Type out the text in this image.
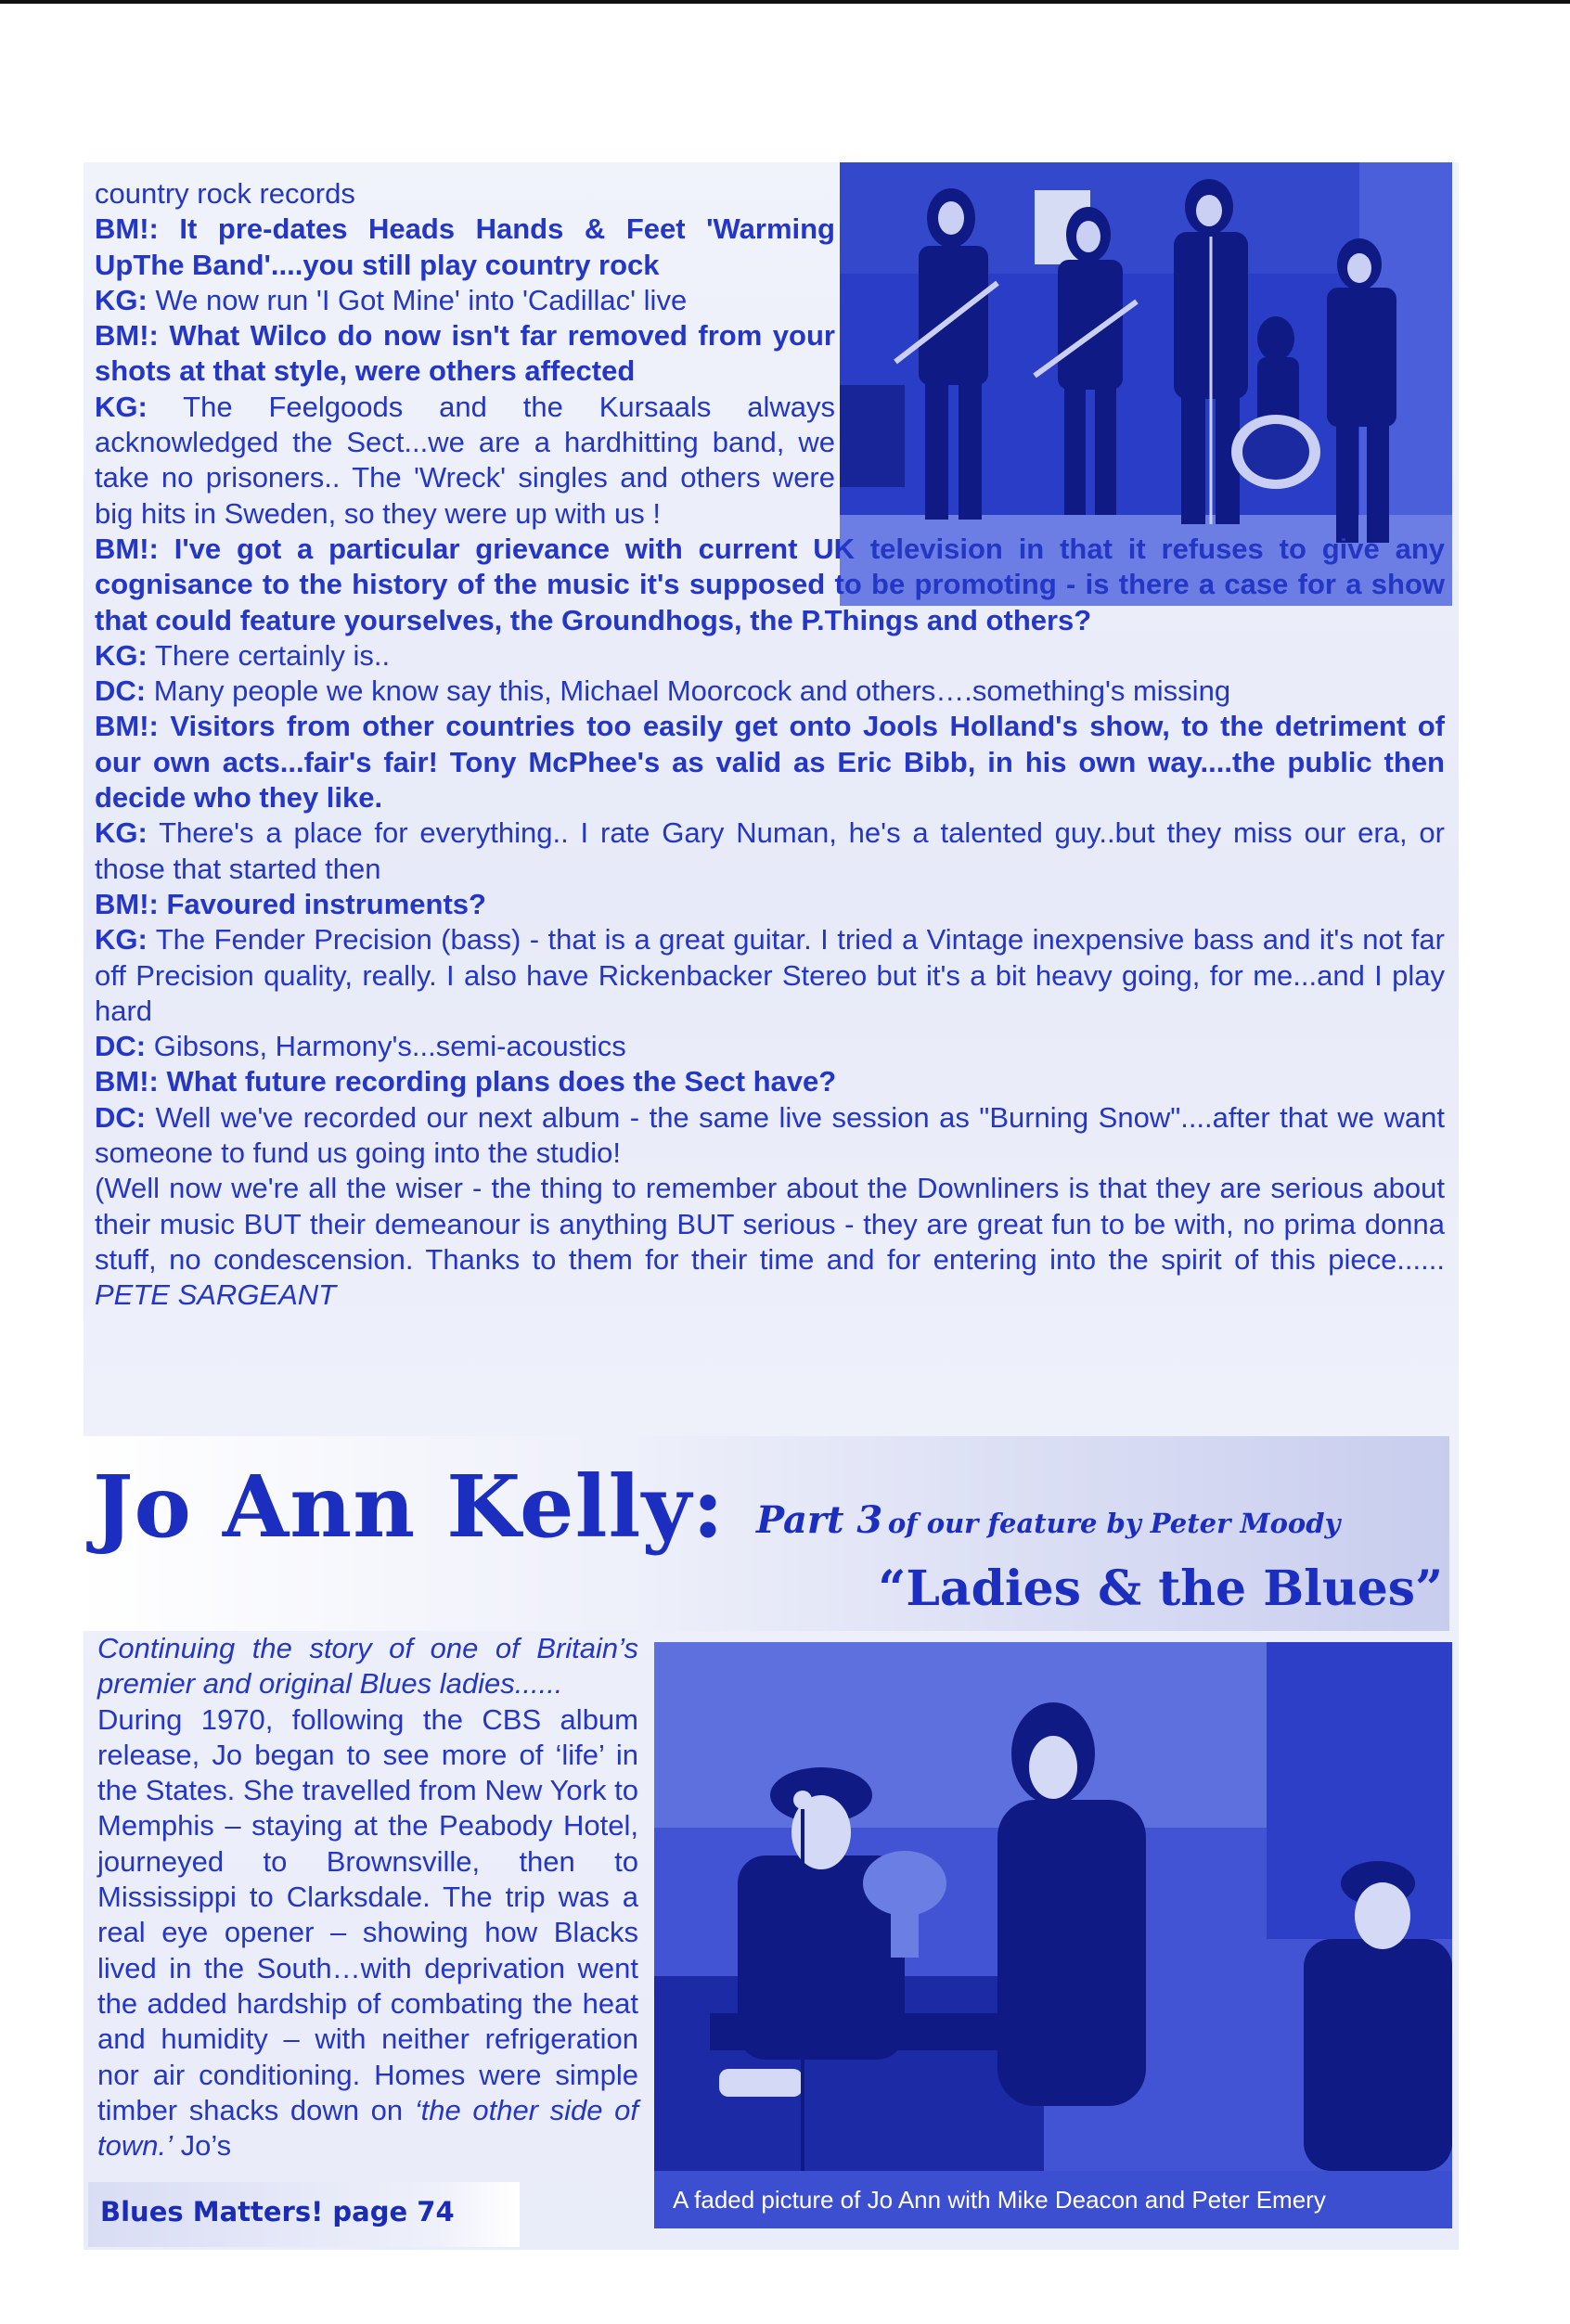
country rock records

BM!: It pre-dates Heads Hands & Feet 'Warming UpThe Band'....you still play country rock

KG: We now run 'I Got Mine' into 'Cadillac' live

BM!: What Wilco do now isn't far removed from your shots at that style, were others affected

KG: The Feelgoods and the Kursaals always acknowledged the Sect...we are a hardhitting band, we take no prisoners.. The 'Wreck' singles and others were big hits in Sweden, so they were up with us !

BM!: I've got a particular grievance with current UK television in that it refuses to give any cognisance to the history of the music it's supposed to be promoting - is there a case for a show that could feature yourselves, the Groundhogs, the P.Things and others?

KG: There certainly is..

DC: Many people we know say this, Michael Moorcock and others….something's missing

BM!: Visitors from other countries too easily get onto Jools Holland's show, to the detriment of our own acts...fair's fair! Tony McPhee's as valid as Eric Bibb, in his own way....the public then decide who they like.

KG: There's a place for everything.. I rate Gary Numan, he's a talented guy..but they miss our era, or those that started then

BM!: Favoured instruments?

KG: The Fender Precision (bass) - that is a great guitar. I tried a Vintage inexpensive bass and it's not far off Precision quality, really. I also have Rickenbacker Stereo but it's a bit heavy going, for me...and I play hard

DC: Gibsons, Harmony's...semi-acoustics

BM!: What future recording plans does the Sect have?

DC: Well we've recorded our next album - the same live session as "Burning Snow"....after that we want someone to fund us going into the studio!

(Well now we're all the wiser - the thing to remember about the Downliners is that they are serious about their music BUT their demeanour is anything BUT serious - they are great fun to be with, no prima donna stuff, no condescension. Thanks to them for their time and for entering into the spirit of this piece...... PETE SARGEANT

Jo Ann Kelly: Part 3 of our feature by Peter Moody
“Ladies & the Blues”

Continuing the story of one of Britain’s premier and original Blues ladies......

During 1970, following the CBS album release, Jo began to see more of ‘life’ in the States. She travelled from New York to Memphis – staying at the Peabody Hotel, journeyed to Brownsville, then to Mississippi to Clarksdale. The trip was a real eye opener – showing how Blacks lived in the South…with deprivation went the added hardship of combating the heat and humidity – with neither refrigeration nor air conditioning. Homes were simple timber shacks down on ‘the other side of town.’ Jo’s

A faded picture of Jo Ann with Mike Deacon and Peter Emery
Blues Matters! page 74
